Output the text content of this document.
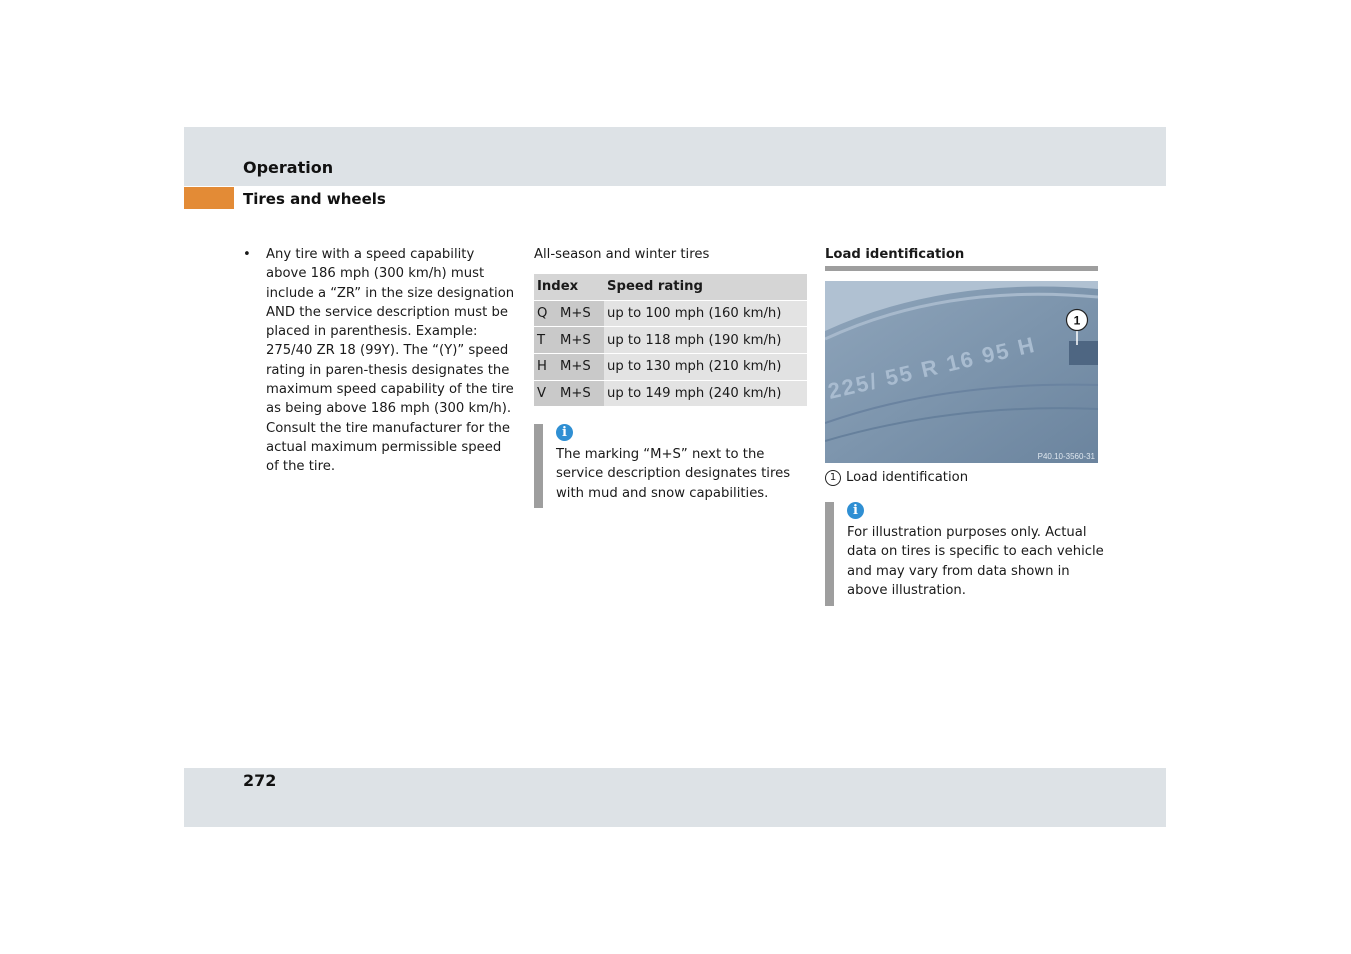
Operation
Tires and wheels
• Any tire with a speed capability above 186 mph (300 km/h) must include a “ZR” in the size designation AND the service description must be placed in parenthesis. Example: 275/40 ZR 18 (99Y). The “(Y)” speed rating in paren-thesis designates the maximum speed capability of the tire as being above 186 mph (300 km/h). Consult the tire manufacturer for the actual maximum permissible speed of the tire.

All-season and winter tires

Index	Speed rating
Q M+S	up to 100 mph (160 km/h)
T M+S	up to 118 mph (190 km/h)
H M+S	up to 130 mph (210 km/h)
V M+S	up to 149 mph (240 km/h)
i
The marking “M+S” next to the service description designates tires with mud and snow capabilities.
Load identification
225/ 55 R 16 95 H
1
P40.10-3560-31
1 Load identification
i
For illustration purposes only. Actual data on tires is specific to each vehicle and may vary from data shown in above illustration.
272
